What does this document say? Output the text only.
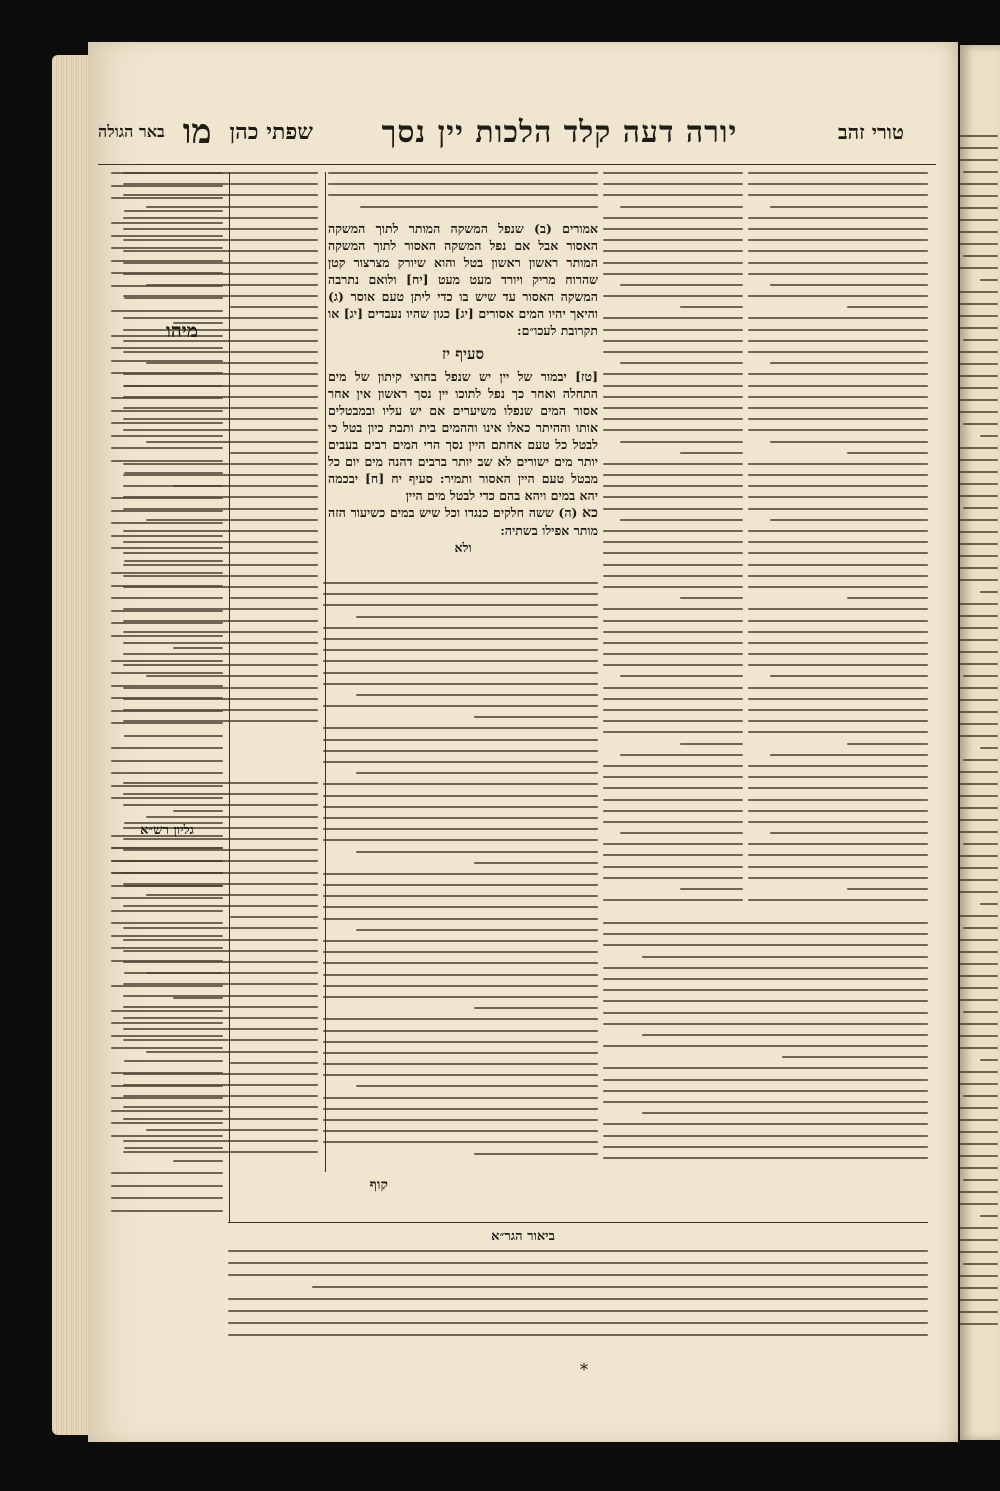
טורי זהב
יורה דעה קלד הלכות יין נסך
שפתי כהן
מו
באר הגולה
אמורים (ב) שנפל המשקה המותר לתוך המשקה האסור אבל אם נפל המשקה האסור לתוך המשקה המותר ראשון ראשון בטל והוא שיורק מצרצור קטן שהרוח מריק ויורד מעט מעט [יח] ולואם נתרבה המשקה האסור עד שיש בו כדי ליתן טעם אוסר (ג) והיאך יהיו המים אסורים [יג] כגון שהיו נעבדים [יג] או תקרובת לעכו״ם:
סעיף יז
[טז] יבמור של יין יש שנפל בחוצי קיתון של מים התחלה ואחר כך נפל לתוכו יין נסך ראשון אין אחר אסור המים שנפלו משיערים אם יש עליו ובמבטלים אותו וההיתר כאלו אינו וההמים בית ותבת כיון בטל כי לבטל כל טעם אחתם היין נסך הרי המים רבים בעבים יותר מים ישורים לא שב יותר ברבים דהנה מים יום כל מבטל טעם היין האסור ותמיר: סעיף יח [ח] יבכמה יהא במים ויהא בהם כדי לבטל מים היין
כא (ה) ששה חלקים כנגדו וכל שיש במים כשיעור הזה מותר אפילו בשתיה:
ולא
גליון רש״א
מיהו
קוף
ביאור הגר״א
*
